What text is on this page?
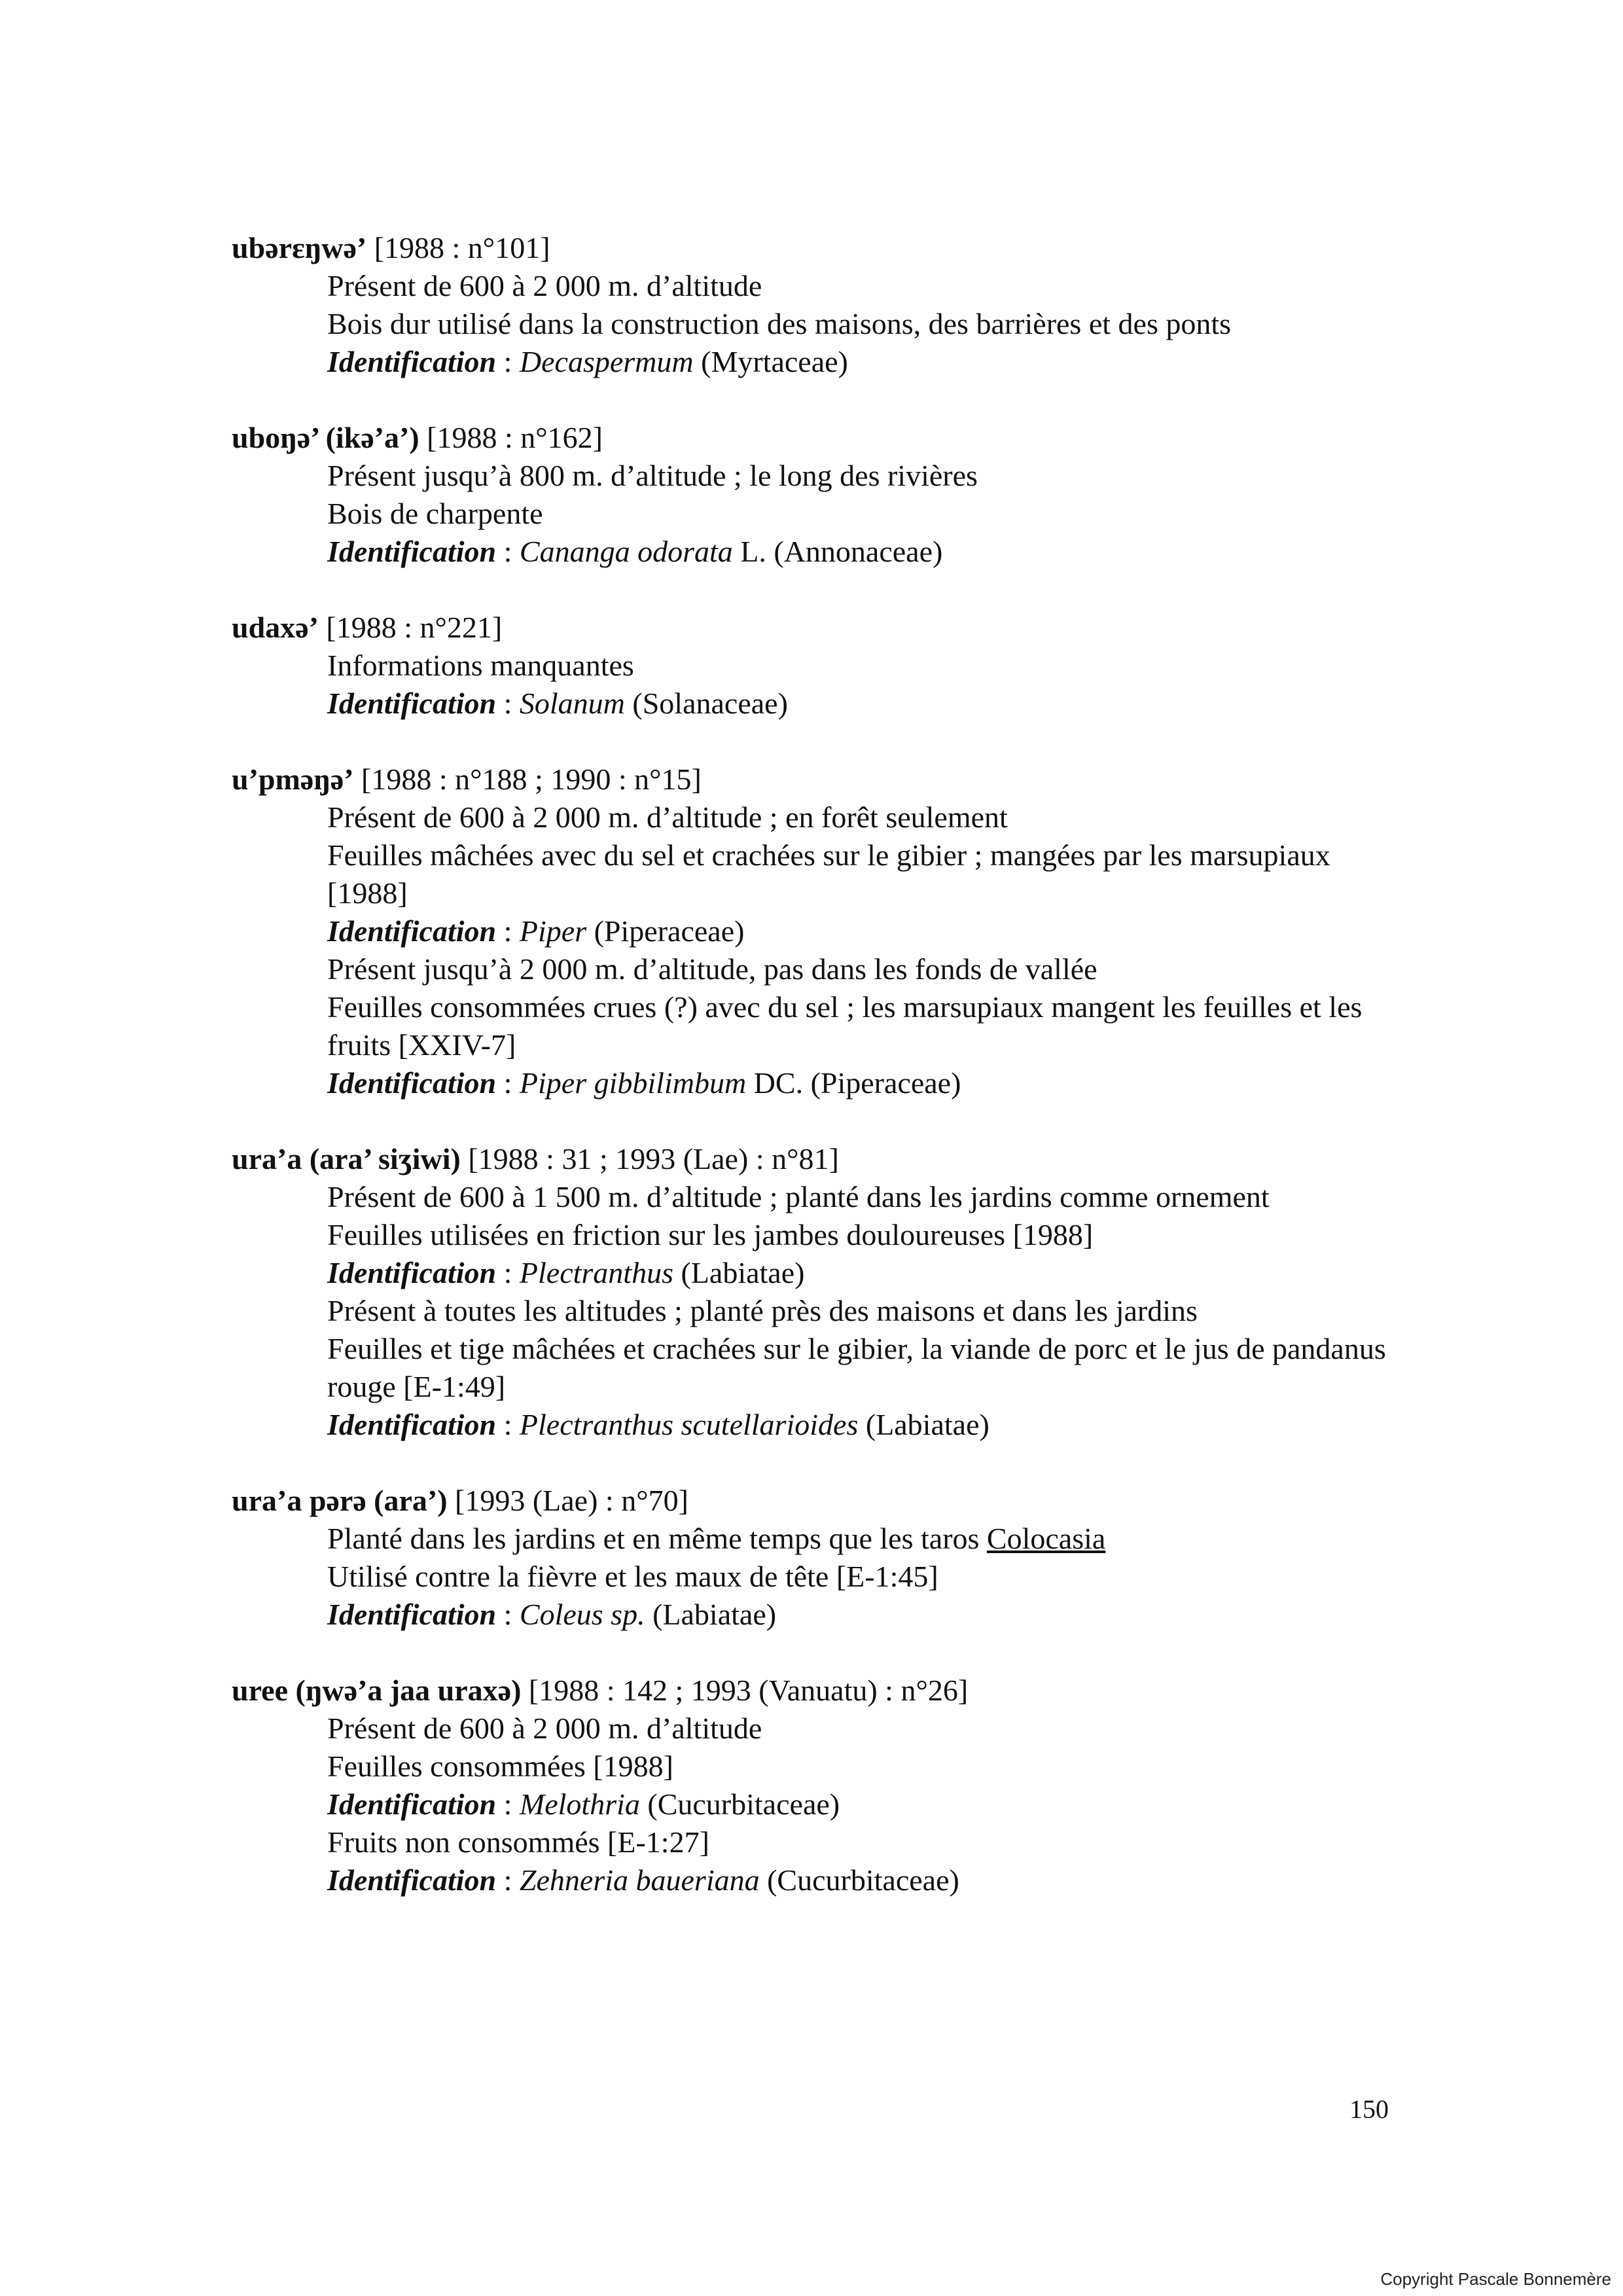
ubərɛŋwə’ [1988 : n°101]
Présent de 600 à 2 000 m. d’altitude
Bois dur utilisé dans la construction des maisons, des barrières et des ponts
Identification : Decaspermum (Myrtaceae)
uboŋə’ (ikə’a’) [1988 : n°162]
Présent jusqu’à 800 m. d’altitude ; le long des rivières
Bois de charpente
Identification : Cananga odorata L. (Annonaceae)
udaxə’ [1988 : n°221]
Informations manquantes
Identification : Solanum (Solanaceae)
u’pməŋə’ [1988 : n°188 ; 1990 : n°15]
Présent de 600 à 2 000 m. d’altitude ; en forêt seulement
Feuilles mâchées avec du sel et crachées sur le gibier ; mangées par les marsupiaux [1988]
Identification : Piper (Piperaceae)
Présent jusqu’à 2 000 m. d’altitude, pas dans les fonds de vallée
Feuilles consommées crues (?) avec du sel ; les marsupiaux mangent les feuilles et les fruits [XXIV-7]
Identification : Piper gibbilimbum DC. (Piperaceae)
ura’a (ara’ siʒiwi) [1988 : 31 ; 1993 (Lae) : n°81]
Présent de 600 à 1 500 m. d’altitude ; planté dans les jardins comme ornement
Feuilles utilisées en friction sur les jambes douloureuses [1988]
Identification : Plectranthus (Labiatae)
Présent à toutes les altitudes ; planté près des maisons et dans les jardins
Feuilles et tige mâchées et crachées sur le gibier, la viande de porc et le jus de pandanus rouge [E-1:49]
Identification : Plectranthus scutellarioides (Labiatae)
ura’a pərə (ara’) [1993 (Lae) : n°70]
Planté dans les jardins et en même temps que les taros Colocasia
Utilisé contre la fièvre et les maux de tête [E-1:45]
Identification : Coleus sp. (Labiatae)
uree (ŋwə’a jaa uraxə) [1988 : 142 ; 1993 (Vanuatu) : n°26]
Présent de 600 à 2 000 m. d’altitude
Feuilles consommées [1988]
Identification : Melothria (Cucurbitaceae)
Fruits non consommés [E-1:27]
Identification : Zehneria baueriana (Cucurbitaceae)
150
Copyright Pascale Bonnemère
